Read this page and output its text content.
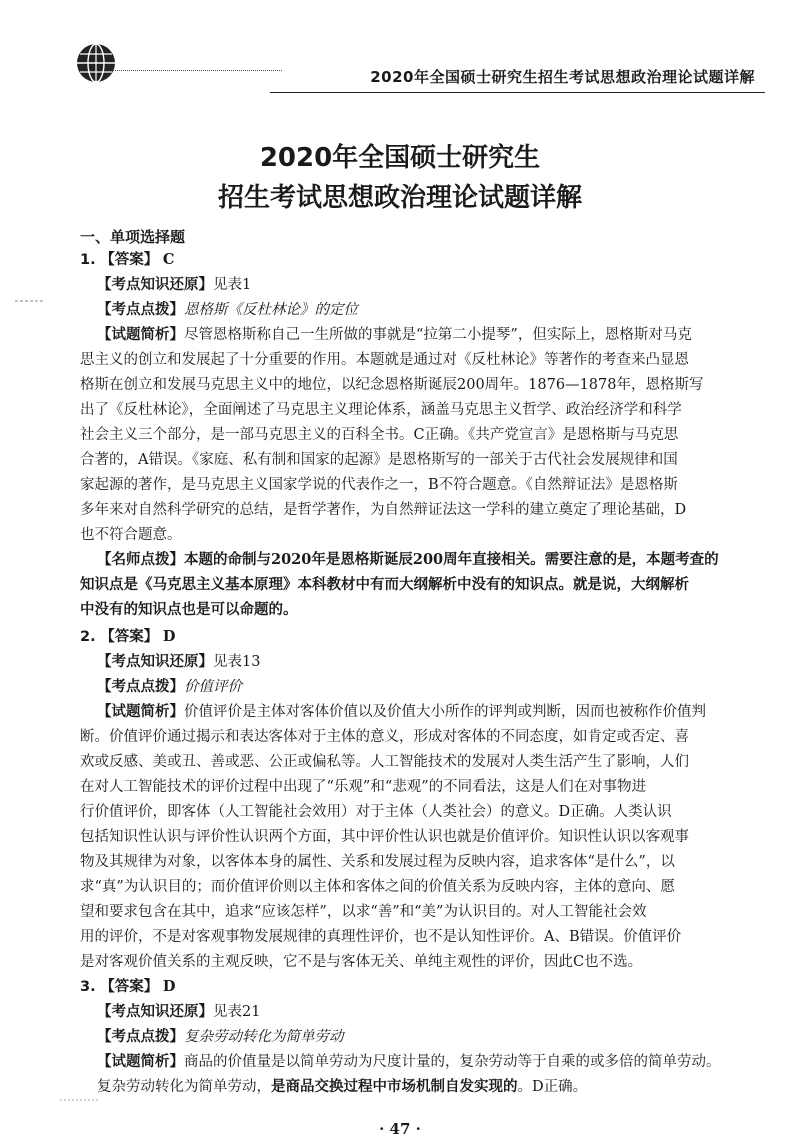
2020年全国硕士研究生招生考试思想政治理论试题详解
2020年全国硕士研究生
招生考试思想政治理论试题详解
一、单项选择题
1. 【答案】 C
【考点知识还原】见表1
【考点点拨】恩格斯《反杜林论》的定位
【试题简析】尽管恩格斯称自己一生所做的事就是“拉第二小提琴”，但实际上，恩格斯对马克
思主义的创立和发展起了十分重要的作用。本题就是通过对《反杜林论》等著作的考查来凸显恩
格斯在创立和发展马克思主义中的地位，以纪念恩格斯诞辰200周年。1876—1878年，恩格斯写
出了《反杜林论》，全面阐述了马克思主义理论体系，涵盖马克思主义哲学、政治经济学和科学
社会主义三个部分，是一部马克思主义的百科全书。C正确。《共产党宣言》是恩格斯与马克思
合著的，A错误。《家庭、私有制和国家的起源》是恩格斯写的一部关于古代社会发展规律和国
家起源的著作，是马克思主义国家学说的代表作之一，B不符合题意。《自然辩证法》是恩格斯
多年来对自然科学研究的总结，是哲学著作，为自然辩证法这一学科的建立奠定了理论基础，D
也不符合题意。
【名师点拨】本题的命制与2020年是恩格斯诞辰200周年直接相关。需要注意的是，本题考查的
知识点是《马克思主义基本原理》本科教材中有而大纲解析中没有的知识点。就是说，大纲解析
中没有的知识点也是可以命题的。
2. 【答案】 D
【考点知识还原】见表13
【考点点拨】价值评价
【试题简析】价值评价是主体对客体价值以及价值大小所作的评判或判断，因而也被称作价值判
断。价值评价通过揭示和表达客体对于主体的意义，形成对客体的不同态度，如肯定或否定、喜
欢或反感、美或丑、善或恶、公正或偏私等。人工智能技术的发展对人类生活产生了影响，人们
在对人工智能技术的评价过程中出现了“乐观”和“悲观”的不同看法，这是人们在对事物进
行价值评价，即客体（人工智能社会效用）对于主体（人类社会）的意义。D正确。人类认识
包括知识性认识与评价性认识两个方面，其中评价性认识也就是价值评价。知识性认识以客观事
物及其规律为对象，以客体本身的属性、关系和发展过程为反映内容，追求客体“是什么”，以
求“真”为认识目的；而价值评价则以主体和客体之间的价值关系为反映内容，主体的意向、愿
望和要求包含在其中，追求“应该怎样”，以求“善”和“美”为认识目的。对人工智能社会效
用的评价，不是对客观事物发展规律的真理性评价，也不是认知性评价。A、B错误。价值评价
是对客观价值关系的主观反映，它不是与客体无关、单纯主观性的评价，因此C也不选。
3. 【答案】 D
【考点知识还原】见表21
【考点点拨】复杂劳动转化为简单劳动
【试题简析】商品的价值量是以简单劳动为尺度计量的，复杂劳动等于自乘的或多倍的简单劳动。
复杂劳动转化为简单劳动，是商品交换过程中市场机制自发实现的。D正确。
· 47 ·
